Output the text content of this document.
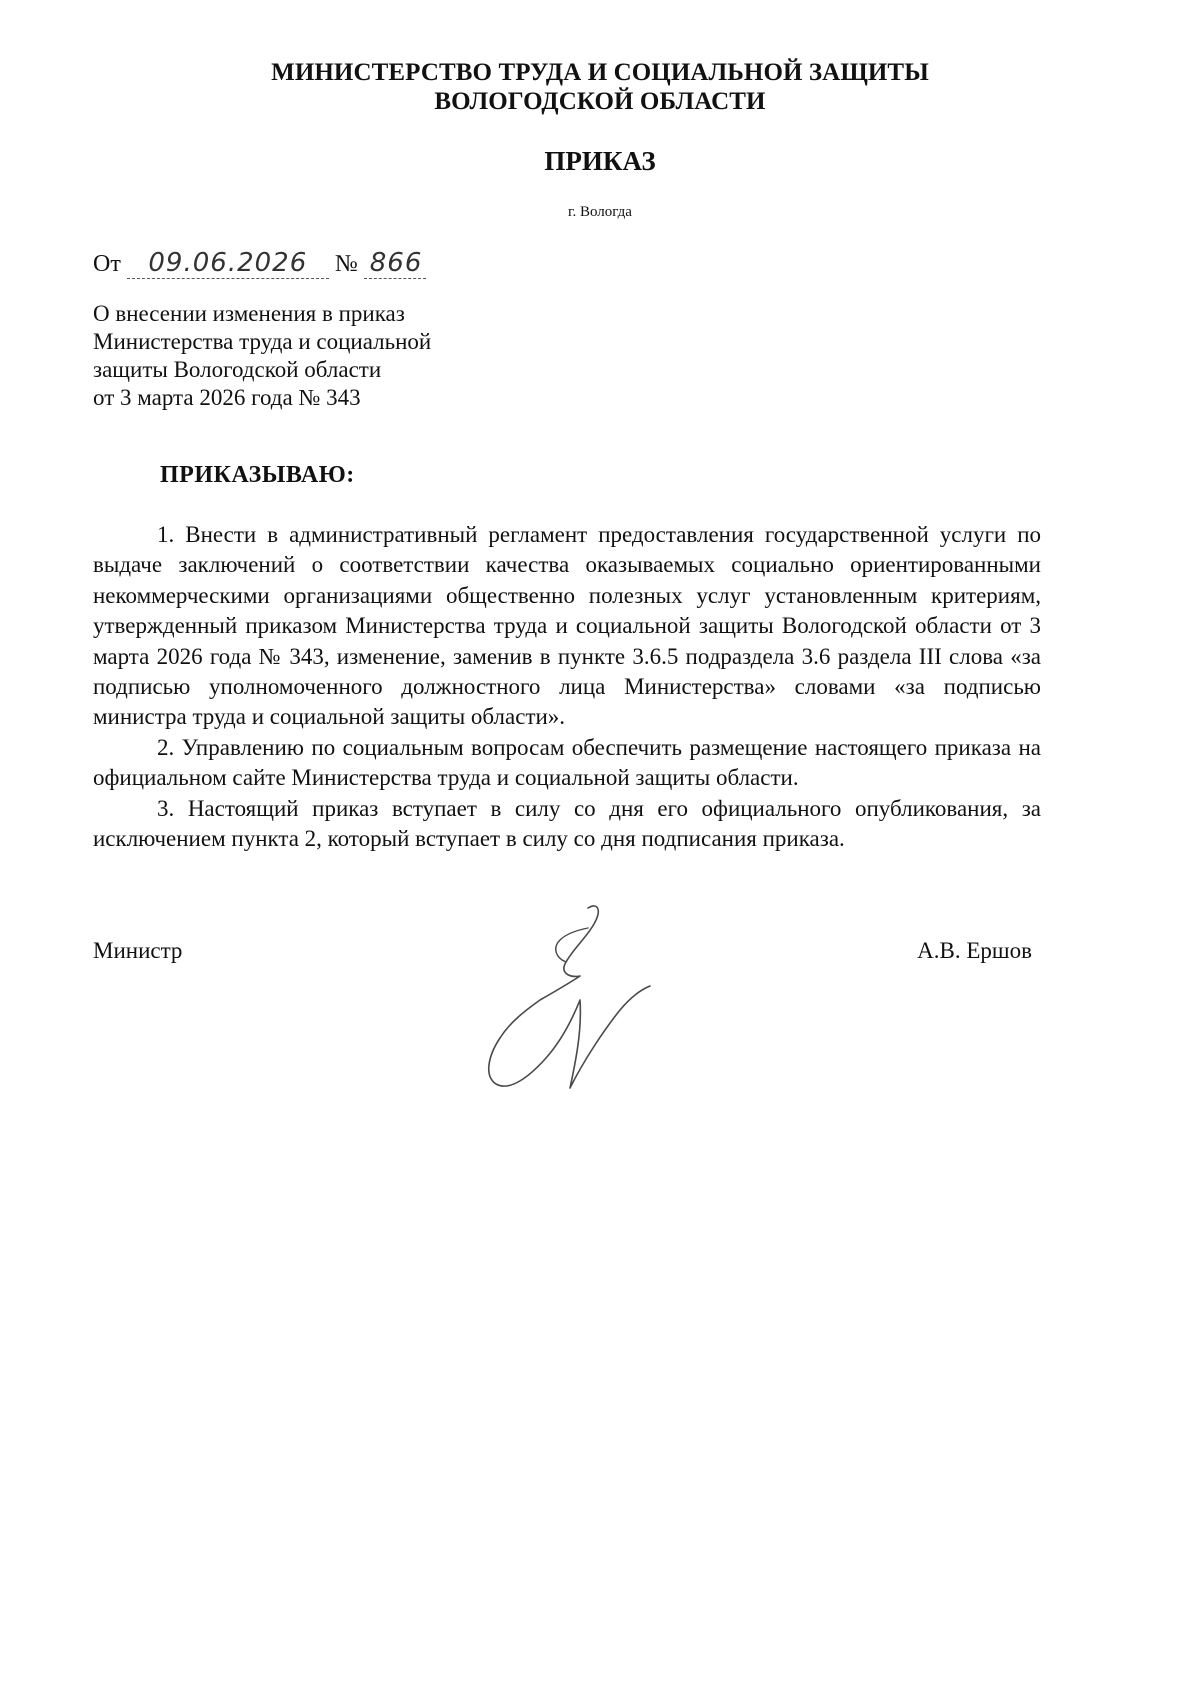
МИНИСТЕРСТВО ТРУДА И СОЦИАЛЬНОЙ ЗАЩИТЫ
ВОЛОГОДСКОЙ ОБЛАСТИ
ПРИКАЗ
г. Вологда
От 09.06.2026 № 866
О внесении изменения в приказ
Министерства труда и социальной
защиты Вологодской области
от 3 марта 2026 года № 343
ПРИКАЗЫВАЮ:

1. Внести в административный регламент предоставления государственной услуги по выдаче заключений о соответствии качества оказываемых социально ориентированными некоммерческими организациями общественно полезных услуг установленным критериям, утвержденный приказом Министерства труда и социальной защиты Вологодской области от 3 марта 2026 года № 343, изменение, заменив в пункте 3.6.5 подраздела 3.6 раздела III слова «за подписью уполномоченного должностного лица Министерства» словами «за подписью министра труда и социальной защиты области».

2. Управлению по социальным вопросам обеспечить размещение настоящего приказа на официальном сайте Министерства труда и социальной защиты области.

3. Настоящий приказ вступает в силу со дня его официального опубликования, за исключением пункта 2, который вступает в силу со дня подписания приказа.

Министр	А.В. Ершов
